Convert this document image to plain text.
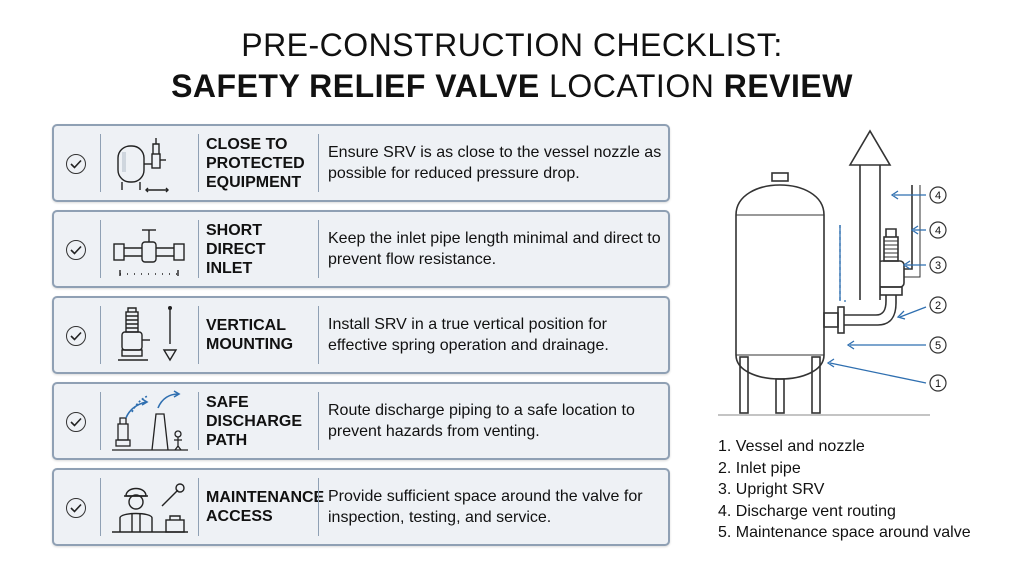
PRE-CONSTRUCTION CHECKLIST:
SAFETY RELIEF VALVE LOCATION REVIEW
CLOSE TO
PROTECTED
EQUIPMENT
Ensure SRV is as close to the vessel nozzle as possible for reduced pressure drop.
SHORT
DIRECT
INLET
Keep the inlet pipe length minimal and direct to prevent flow resistance.
VERTICAL
MOUNTING
Install SRV in a true vertical position for effective spring operation and drainage.
SAFE
DISCHARGE
PATH
Route discharge piping to a safe location to prevent hazards from venting.
MAINTENANCE
ACCESS
Provide sufficient space around the valve for inspection, testing, and service.
4
4
3
2
5
1
1. Vessel and nozzle
2. Inlet pipe
3. Upright SRV
4. Discharge vent routing
5. Maintenance space around valve
